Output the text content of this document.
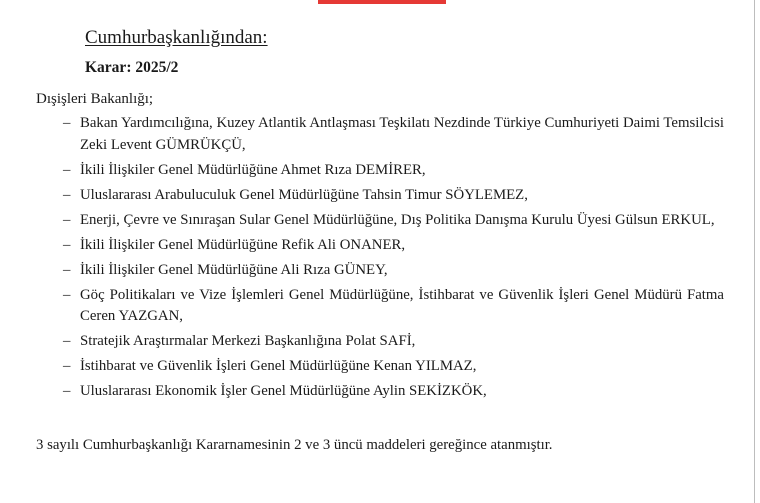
Cumhurbaşkanlığından:
Karar: 2025/2
Dışişleri Bakanlığı;
– Bakan Yardımcılığına, Kuzey Atlantik Antlaşması Teşkilatı Nezdinde Türkiye Cumhuriyeti Daimi Temsilcisi Zeki Levent GÜMRÜKÇÜ,
– İkili İlişkiler Genel Müdürlüğüne Ahmet Rıza DEMİRER,
– Uluslararası Arabuluculuk Genel Müdürlüğüne Tahsin Timur SÖYLEMEZ,
– Enerji, Çevre ve Sınıraşan Sular Genel Müdürlüğüne, Dış Politika Danışma Kurulu Üyesi Gülsun ERKUL,
– İkili İlişkiler Genel Müdürlüğüne Refik Ali ONANER,
– İkili İlişkiler Genel Müdürlüğüne Ali Rıza GÜNEY,
– Göç Politikaları ve Vize İşlemleri Genel Müdürlüğüne, İstihbarat ve Güvenlik İşleri Genel Müdürü Fatma Ceren YAZGAN,
– Stratejik Araştırmalar Merkezi Başkanlığına Polat SAFİ,
– İstihbarat ve Güvenlik İşleri Genel Müdürlüğüne Kenan YILMAZ,
– Uluslararası Ekonomik İşler Genel Müdürlüğüne Aylin SEKİZKÖK,
3 sayılı Cumhurbaşkanlığı Kararnamesinin 2 ve 3 üncü maddeleri gereğince atanmıştır.
